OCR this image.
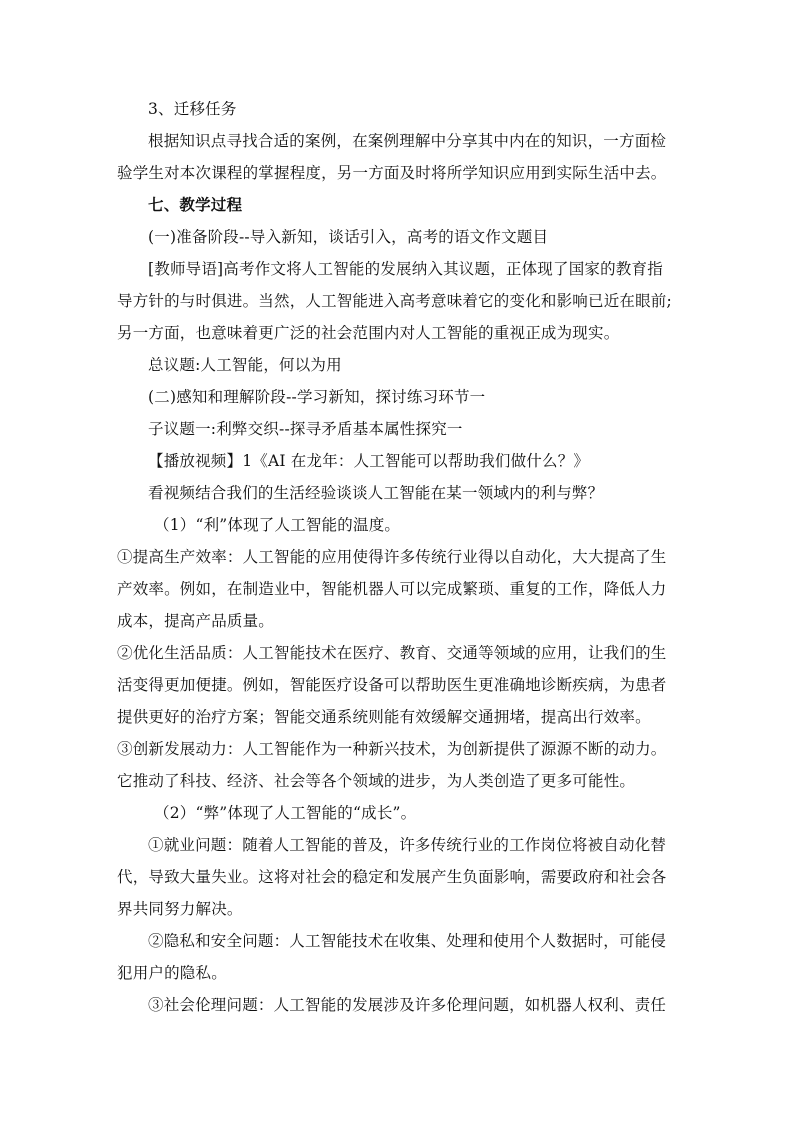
3、迁移任务
根据知识点寻找合适的案例，在案例理解中分享其中内在的知识，一方面检
验学生对本次课程的掌握程度，另一方面及时将所学知识应用到实际生活中去。
七、教学过程
(一)准备阶段--导入新知，谈话引入，高考的语文作文题目
[教师导语]高考作文将人工智能的发展纳入其议题，正体现了国家的教育指
导方针的与时俱进。当然，人工智能进入高考意味着它的变化和影响已近在眼前;
另一方面，也意味着更广泛的社会范围内对人工智能的重视正成为现实。
总议题:人工智能，何以为用
(二)感知和理解阶段--学习新知，探讨练习环节一
子议题一:利弊交织--探寻矛盾基本属性探究一
【播放视频】1《AI 在龙年：人工智能可以帮助我们做什么？》
看视频结合我们的生活经验谈谈人工智能在某一领域内的利与弊？
（1）“利”体现了人工智能的温度。
①提高生产效率：人工智能的应用使得许多传统行业得以自动化，大大提高了生
产效率。例如，在制造业中，智能机器人可以完成繁琐、重复的工作，降低人力
成本，提高产品质量。
②优化生活品质：人工智能技术在医疗、教育、交通等领域的应用，让我们的生
活变得更加便捷。例如，智能医疗设备可以帮助医生更准确地诊断疾病，为患者
提供更好的治疗方案；智能交通系统则能有效缓解交通拥堵，提高出行效率。
③创新发展动力：人工智能作为一种新兴技术，为创新提供了源源不断的动力。
它推动了科技、经济、社会等各个领域的进步，为人类创造了更多可能性。
（2）“弊”体现了人工智能的“成长”。
①就业问题：随着人工智能的普及，许多传统行业的工作岗位将被自动化替
代，导致大量失业。这将对社会的稳定和发展产生负面影响，需要政府和社会各
界共同努力解决。
②隐私和安全问题：人工智能技术在收集、处理和使用个人数据时，可能侵
犯用户的隐私。
③社会伦理问题：人工智能的发展涉及许多伦理问题，如机器人权利、责任
